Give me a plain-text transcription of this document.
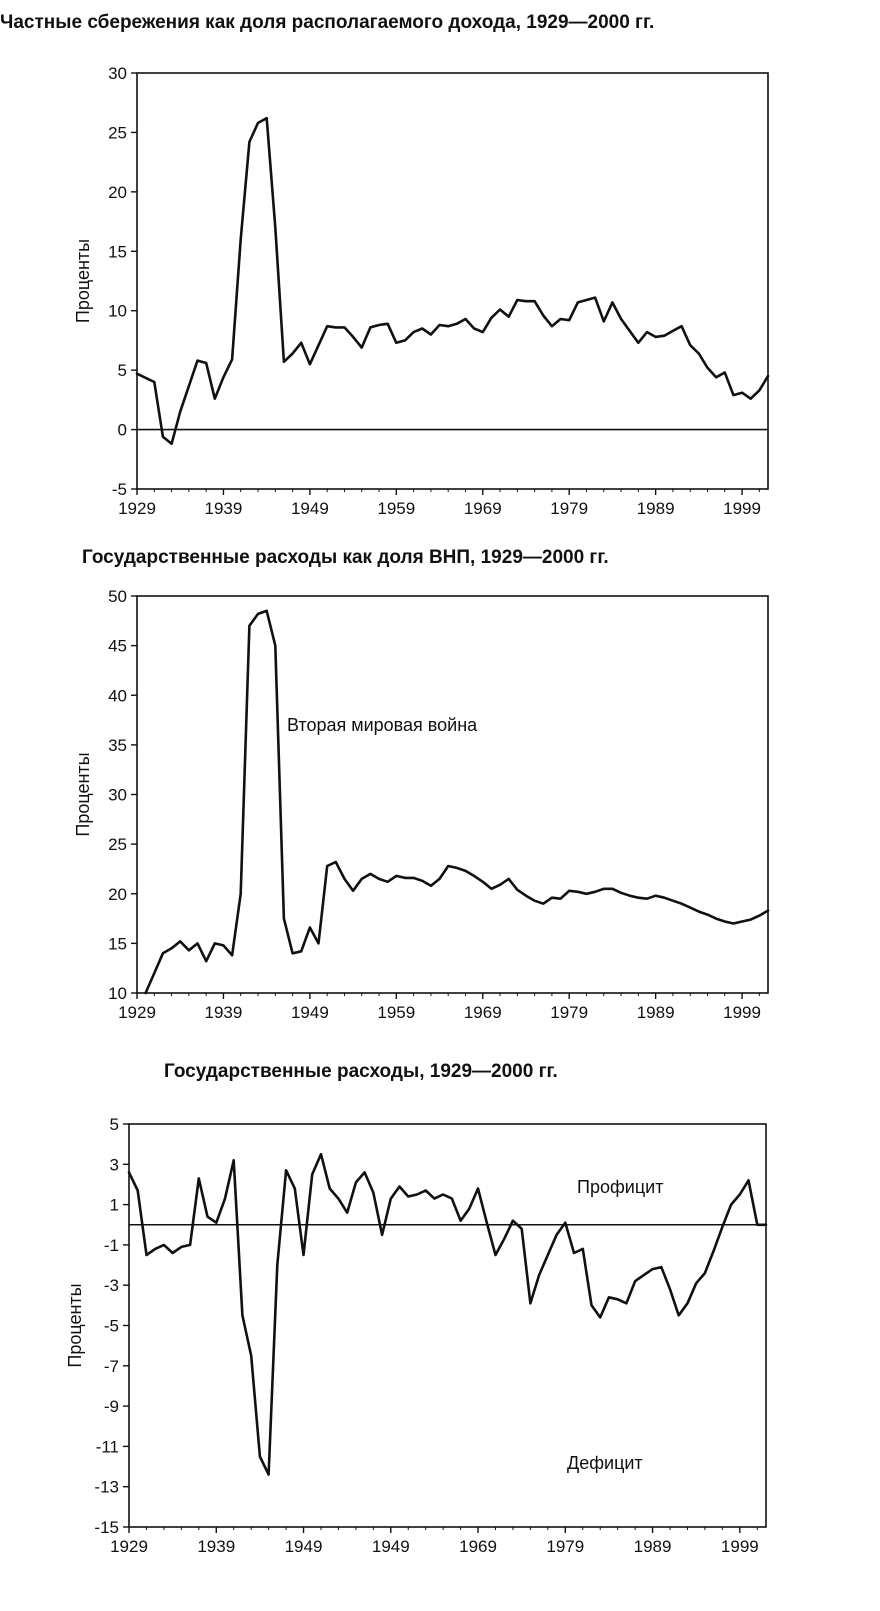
Частные сбережения как доля располагаемого дохода, 1929—2000 гг.
30
25
20
15
10
5
0
-5
1929	1939	1949	1959	1969	1979	1989	1999
Проценты
Государственные расходы как доля ВНП, 1929—2000 гг.
50
45
40
35
30
25
20
15
10
1929	1939	1949	1959	1969	1979	1989	1999
Проценты
Вторая мировая война
Государственные расходы, 1929—2000 гг.
5
3
1
-1
-3
-5
-7
-9
-11
-13
-15
1929	1939	1949	1949	1969	1979	1989	1999
Проценты
Профицит
Дефицит
